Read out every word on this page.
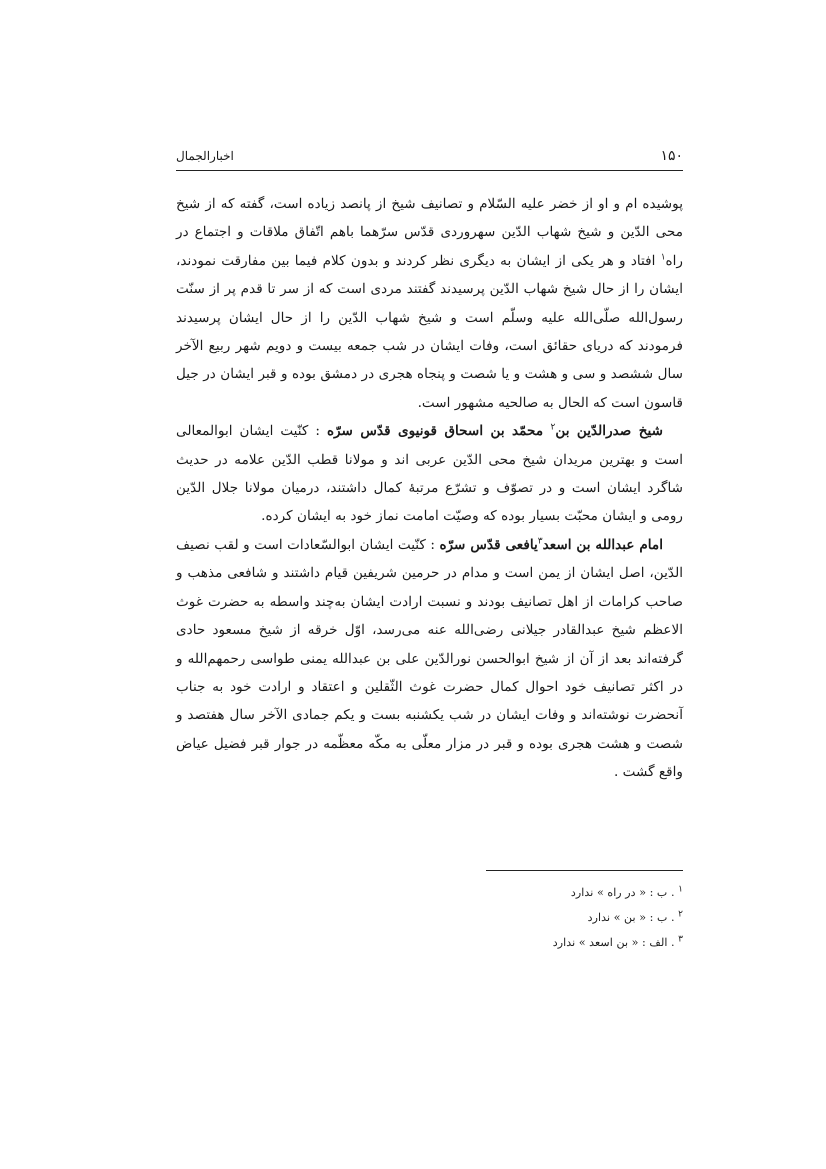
۱۵۰
اخبارالجمال

پوشیده ام و او از خضر علیه السّلام و تصانیف شیخ از پانصد زیاده است، گفته که از شیخ محی الدّین و شیخ شهاب الدّین سهروردی قدّس سرّهما باهم اتّفاق ملاقات و اجتماع در راه$^۱$ افتاد و هر یکی از ایشان به دیگری نظر کردند و بدون کلام فیما بین مفارقت نمودند، ایشان را از حال شیخ شهاب الدّین پرسیدند گفتند مردی است که از سر تا قدم پر از سنّت رسول‌الله صلّی‌الله علیه وسلّم است و شیخ شهاب الدّین را از حال ایشان پرسیدند فرمودند که دریای حقائق است، وفات ایشان در شب جمعه بیست و دویم شهر ربیع الآخر سال ششصد و سی و هشت و یا شصت و پنجاه هجری در دمشق بوده و قبر ایشان در جیل قاسون است که الحال به صالحیه مشهور است.

شیخ صدرالدّین بن$^۲$ محمّد بن اسحاق قونیوی قدّس سرّه : کنّیت ایشان ابوالمعالی است و بهترین مریدان شیخ محی الدّین عربی اند و مولانا قطب الدّین علامه در حدیث شاگرد ایشان است و در تصوّف و تشرّع مرتبۀ کمال داشتند، درمیان مولانا جلال الدّین رومی و ایشان محبّت بسیار بوده که وصیّت امامت نماز خود به ایشان کرده.

امام عبدالله بن اسعد$^۳$یافعی قدّس سرّه : کنّیت ایشان ابوالسّعادات است و لقب نصیف الدّین، اصل ایشان از یمن است و مدام در حرمین شریفین قیام داشتند و شافعی مذهب و صاحب کرامات از اهل تصانیف بودند و نسبت ارادت ایشان به‌چند واسطه به حضرت غوث الاعظم شیخ عبدالقادر جیلانی رضی‌الله عنه می‌رسد، اوّل خرقه از شیخ مسعود حادی گرفته‌اند بعد از آن از شیخ ابوالحسن نورالدّین علی بن عبدالله یمنی طواسی رحمهم‌الله و در اکثر تصانیف خود احوال کمال حضرت غوث الثّقلین و اعتقاد و ارادت خود به جناب آنحضرت نوشته‌اند و وفات ایشان در شب یکشنبه بست و یکم جمادی الآخر سال هفتصد و شصت و هشت هجری بوده و قبر در مزار معلّی به مکّه معظّمه در جوار قبر فضیل عیاض واقع گشت .

$^۱$ . ب : « در راه » ندارد
$^۲$ . ب : « بن » ندارد
$^۳$ . الف : « بن اسعد » ندارد
